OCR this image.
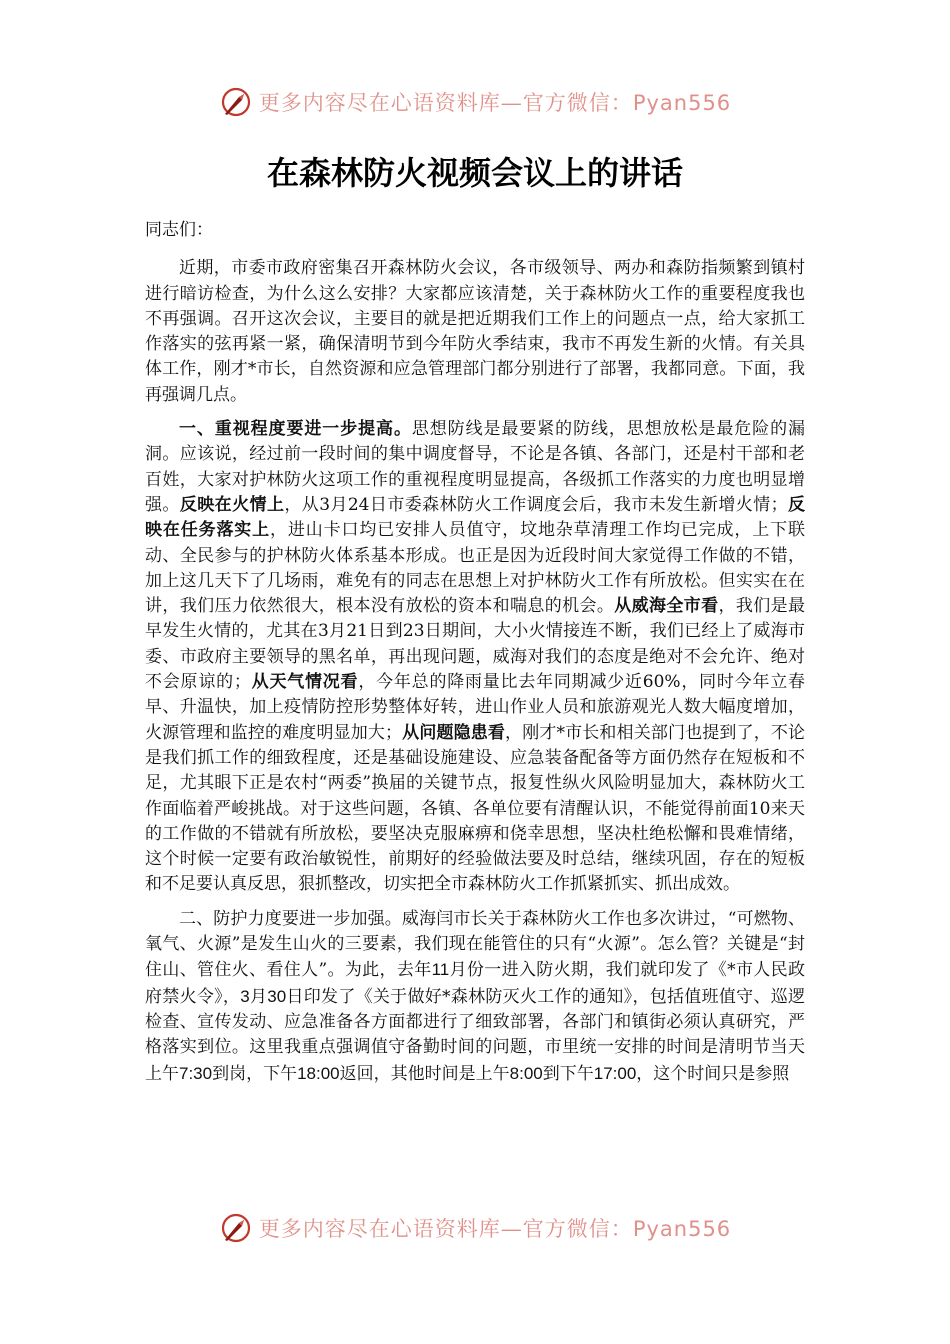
更多内容尽在心语资料库—官方微信：Pyan556
在森林防火视频会议上的讲话

同志们：

近期，市委市政府密集召开森林防火会议，各市级领导、两办和森防指频繁到镇村进行暗访检查，为什么这么安排？大家都应该清楚，关于森林防火工作的重要程度我也不再强调。召开这次会议，主要目的就是把近期我们工作上的问题点一点，给大家抓工作落实的弦再紧一紧，确保清明节到今年防火季结束，我市不再发生新的火情。有关具体工作，刚才*市长，自然资源和应急管理部门都分别进行了部署，我都同意。下面，我再强调几点。

一、重视程度要进一步提高。思想防线是最要紧的防线，思想放松是最危险的漏洞。应该说，经过前一段时间的集中调度督导，不论是各镇、各部门，还是村干部和老百姓，大家对护林防火这项工作的重视程度明显提高，各级抓工作落实的力度也明显增强。反映在火情上，从3月24日市委森林防火工作调度会后，我市未发生新增火情；反映在任务落实上，进山卡口均已安排人员值守，坟地杂草清理工作均已完成，上下联动、全民参与的护林防火体系基本形成。也正是因为近段时间大家觉得工作做的不错，加上这几天下了几场雨，难免有的同志在思想上对护林防火工作有所放松。但实实在在讲，我们压力依然很大，根本没有放松的资本和喘息的机会。从威海全市看，我们是最早发生火情的，尤其在3月21日到23日期间，大小火情接连不断，我们已经上了威海市委、市政府主要领导的黑名单，再出现问题，威海对我们的态度是绝对不会允许、绝对不会原谅的；从天气情况看，今年总的降雨量比去年同期减少近60%，同时今年立春早、升温快，加上疫情防控形势整体好转，进山作业人员和旅游观光人数大幅度增加，火源管理和监控的难度明显加大；从问题隐患看，刚才*市长和相关部门也提到了，不论是我们抓工作的细致程度，还是基础设施建设、应急装备配备等方面仍然存在短板和不足，尤其眼下正是农村“两委”换届的关键节点，报复性纵火风险明显加大，森林防火工作面临着严峻挑战。对于这些问题，各镇、各单位要有清醒认识，不能觉得前面10来天的工作做的不错就有所放松，要坚决克服麻痹和侥幸思想，坚决杜绝松懈和畏难情绪，这个时候一定要有政治敏锐性，前期好的经验做法要及时总结，继续巩固，存在的短板和不足要认真反思，狠抓整改，切实把全市森林防火工作抓紧抓实、抓出成效。

二、防护力度要进一步加强。威海闫市长关于森林防火工作也多次讲过，“可燃物、氧气、火源”是发生山火的三要素，我们现在能管住的只有“火源”。怎么管？关键是“封住山、管住火、看住人”。为此，去年11月份一进入防火期，我们就印发了《*市人民政府禁火令》，3月30日印发了《关于做好*森林防灭火工作的通知》，包括值班值守、巡逻检查、宣传发动、应急准备各方面都进行了细致部署，各部门和镇街必须认真研究，严格落实到位。这里我重点强调值守备勤时间的问题，市里统一安排的时间是清明节当天上午7:30到岗，下午18:00返回，其他时间是上午8:00到下午17:00，这个时间只是参照

更多内容尽在心语资料库—官方微信：Pyan556
